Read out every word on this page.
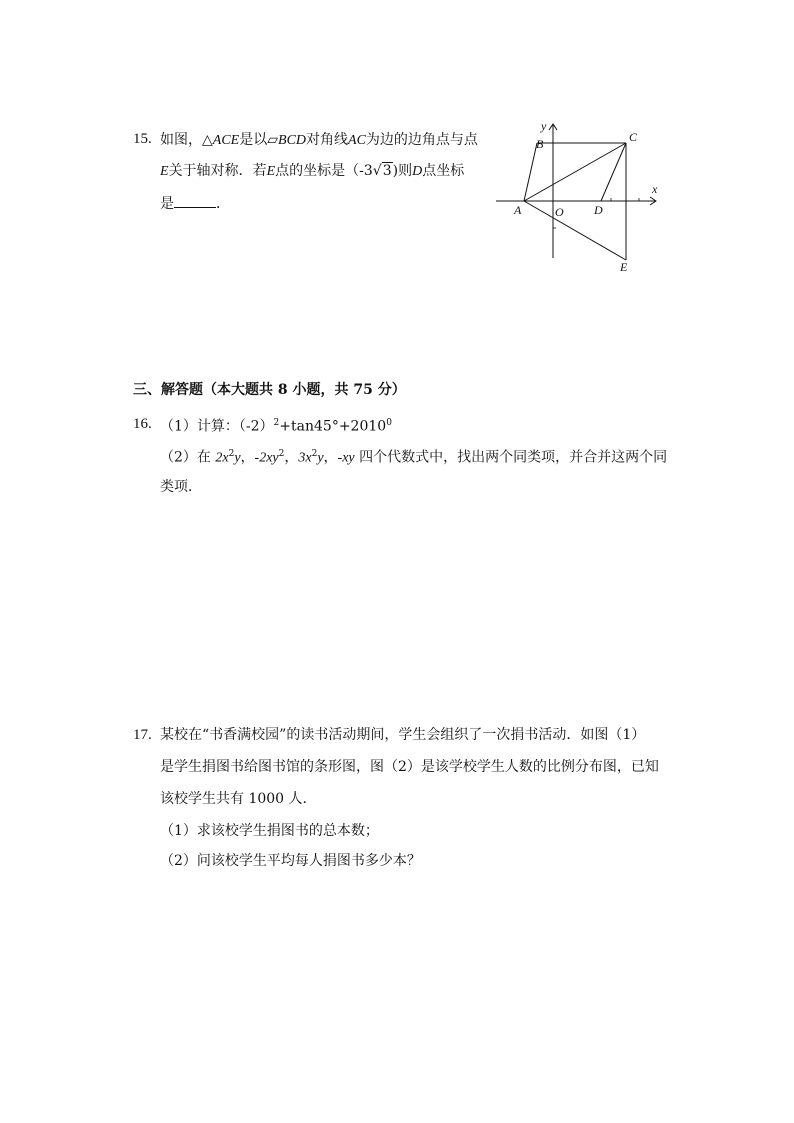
15. 如图，△ACE是以▱BCD对角线AC为边的边角点与点
E关于轴对称．若E点的坐标是（-3√3)则D点坐标
是	．
y
x
B	C
A	O	D
E
三、解答题（本大题共 8 小题，共 75 分）
16. （1）计算：$(-2)^2+\tan 45^\circ+2010^0$
（2）在 $2x^2y$，$-2xy^2$，$3x^2y$，-xy 四个代数式中，找出两个同类项，并合并这两个同
类项．
17. 某校在“书香满校园”的读书活动期间，学生会组织了一次捐书活动．如图（1）
是学生捐图书给图书馆的条形图，图（2）是该学校学生人数的比例分布图，已知
该校学生共有 1000 人．
（1）求该校学生捐图书的总本数；
（2）问该校学生平均每人捐图书多少本？
